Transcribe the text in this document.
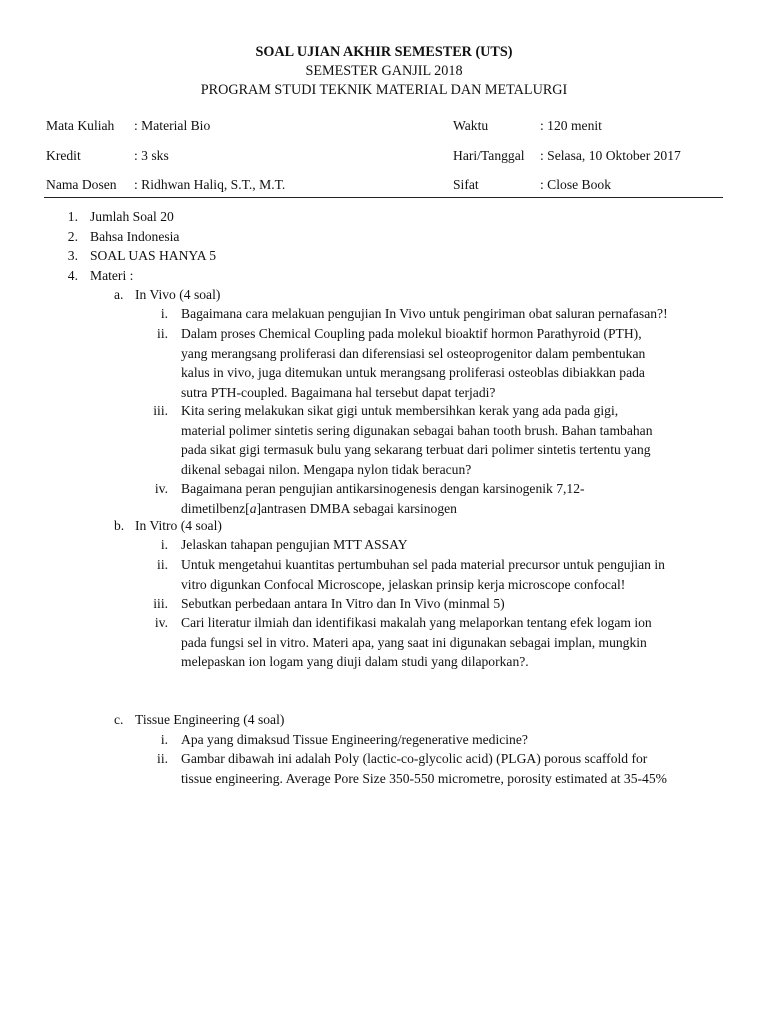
SOAL UJIAN AKHIR SEMESTER (UTS)
SEMESTER GANJIL 2018
PROGRAM STUDI TEKNIK MATERIAL DAN METALURGI
Mata Kuliah : Material Bio	Waktu	: 120 menit
Kredit	: 3 sks	Hari/Tanggal : Selasa, 10 Oktober 2017
Nama Dosen : Ridhwan Haliq, S.T., M.T.	Sifat	: Close Book
1. Jumlah Soal 20
2. Bahsa Indonesia
3. SOAL UAS HANYA 5
4. Materi :
a. In Vivo (4 soal)
i. Bagaimana cara melakuan pengujian In Vivo untuk pengiriman obat saluran pernafasan?!
ii. Dalam proses Chemical Coupling pada molekul bioaktif hormon Parathyroid (PTH),
yang merangsang proliferasi dan diferensiasi sel osteoprogenitor dalam pembentukan
kalus in vivo, juga ditemukan untuk merangsang proliferasi osteoblas dibiakkan pada
sutra PTH-coupled. Bagaimana hal tersebut dapat terjadi?
iii. Kita sering melakukan sikat gigi untuk membersihkan kerak yang ada pada gigi,
material polimer sintetis sering digunakan sebagai bahan tooth brush. Bahan tambahan
pada sikat gigi termasuk bulu yang sekarang terbuat dari polimer sintetis tertentu yang
dikenal sebagai nilon. Mengapa nylon tidak beracun?
iv. Bagaimana peran pengujian antikarsinogenesis dengan karsinogenik 7,12-
dimetilbenz[a]antrasen DMBA sebagai karsinogen
b. In Vitro (4 soal)
i. Jelaskan tahapan pengujian MTT ASSAY
ii. Untuk mengetahui kuantitas pertumbuhan sel pada material precursor untuk pengujian in
vitro digunkan Confocal Microscope, jelaskan prinsip kerja microscope confocal!
iii. Sebutkan perbedaan antara In Vitro dan In Vivo (minmal 5)
iv. Cari literatur ilmiah dan identifikasi makalah yang melaporkan tentang efek logam ion
pada fungsi sel in vitro. Materi apa, yang saat ini digunakan sebagai implan, mungkin
melepaskan ion logam yang diuji dalam studi yang dilaporkan?.
c. Tissue Engineering (4 soal)
i. Apa yang dimaksud Tissue Engineering/regenerative medicine?
ii. Gambar dibawah ini adalah Poly (lactic-co-glycolic acid) (PLGA) porous scaffold for
tissue engineering. Average Pore Size 350-550 micrometre, porosity estimated at 35-45%
